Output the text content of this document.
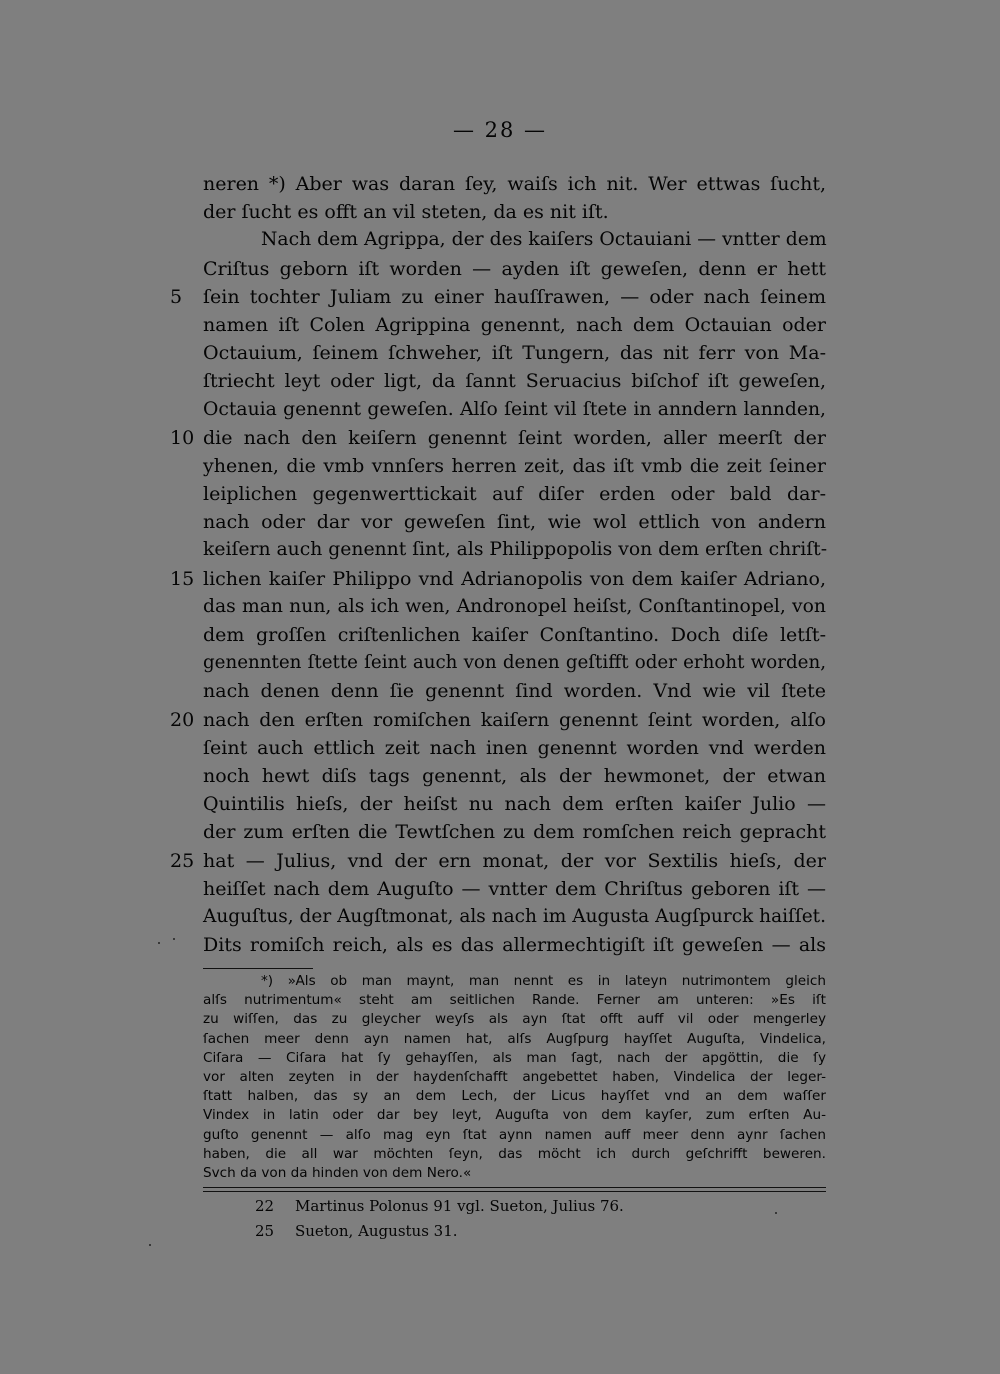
— 28 —
neren *) Aber was daran ſey, waiſs ich nit. Wer ettwas ſucht,
der ſucht es offt an vil steten, da es nit iſt.
Nach dem Agrippa, der des kaiſers Octauiani — vntter dem
Criſtus geborn iſt worden — ayden iſt geweſen, denn er hett
5	ſein tochter Juliam zu einer hauſſrawen, — oder nach ſeinem
namen iſt Colen Agrippina genennt, nach dem Octauian oder
Octauium, ſeinem ſchweher, iſt Tungern, das nit ferr von Ma-
ſtriecht leyt oder ligt, da ſannt Seruacius biſchof iſt geweſen,
Octauia genennt geweſen. Alſo ſeint vil ſtete in anndern lannden,
10 die nach den keiſern genennt ſeint worden, aller meerſt der
yhenen, die vmb vnnſers herren zeit, das iſt vmb die zeit ſeiner
leiplichen gegenwerttickait auf diſer erden oder bald dar-
nach oder dar vor geweſen ſint, wie wol ettlich von andern
keiſern auch genennt ſint, als Philippopolis von dem erſten chriſt-
15 lichen kaiſer Philippo vnd Adrianopolis von dem kaiſer Adriano,
das man nun, als ich wen, Andronopel heiſst, Conſtantinopel, von
dem groſſen criſtenlichen kaiſer Conſtantino. Doch diſe letſt-
genennten ſtette ſeint auch von denen geſtifft oder erhoht worden,
nach denen denn ſie genennt ſind worden. Vnd wie vil ſtete
20 nach den erſten romiſchen kaiſern genennt ſeint worden, alſo
ſeint auch ettlich zeit nach inen genennt worden vnd werden
noch hewt diſs tags genennt, als der hewmonet, der etwan
Quintilis hieſs, der heiſst nu nach dem erſten kaiſer Julio —
der zum erſten die Tewtſchen zu dem romſchen reich gepracht
25 hat — Julius, vnd der ern monat, der vor Sextilis hieſs, der
heiſſet nach dem Auguſto — vntter dem Chriſtus geboren iſt —
Auguſtus, der Augſtmonat, als nach im Augusta Augſpurck haiſſet.
Dits romiſch reich, als es das allermechtigiſt iſt geweſen — als
*) »Als ob man maynt, man nennt es in lateyn nutrimontem gleich
alſs nutrimentum« steht am seitlichen Rande. Ferner am unteren: »Es iſt
zu wiſſen, das zu gleycher weyſs als ayn ſtat offt auff vil oder mengerley
ſachen meer denn ayn namen hat, alſs Augſpurg hayſſet Auguſta, Vindelica,
Ciſara — Ciſara hat ſy gehayſſen, als man ſagt, nach der apgöttin, die ſy
vor alten zeyten in der haydenſchafft angebettet haben, Vindelica der leger-
ſtatt halben, das sy an dem Lech, der Licus hayſſet vnd an dem waſſer
Vindex in latin oder dar bey leyt, Auguſta von dem kayſer, zum erſten Au-
guſto genennt — alſo mag eyn ſtat aynn namen auff meer denn aynr ſachen
haben, die all war möchten ſeyn, das möcht ich durch geſchrifft beweren.
Svch da von da hinden von dem Nero.«
22 Martinus Polonus 91 vgl. Sueton, Julius 76.
25 Sueton, Augustus 31.
